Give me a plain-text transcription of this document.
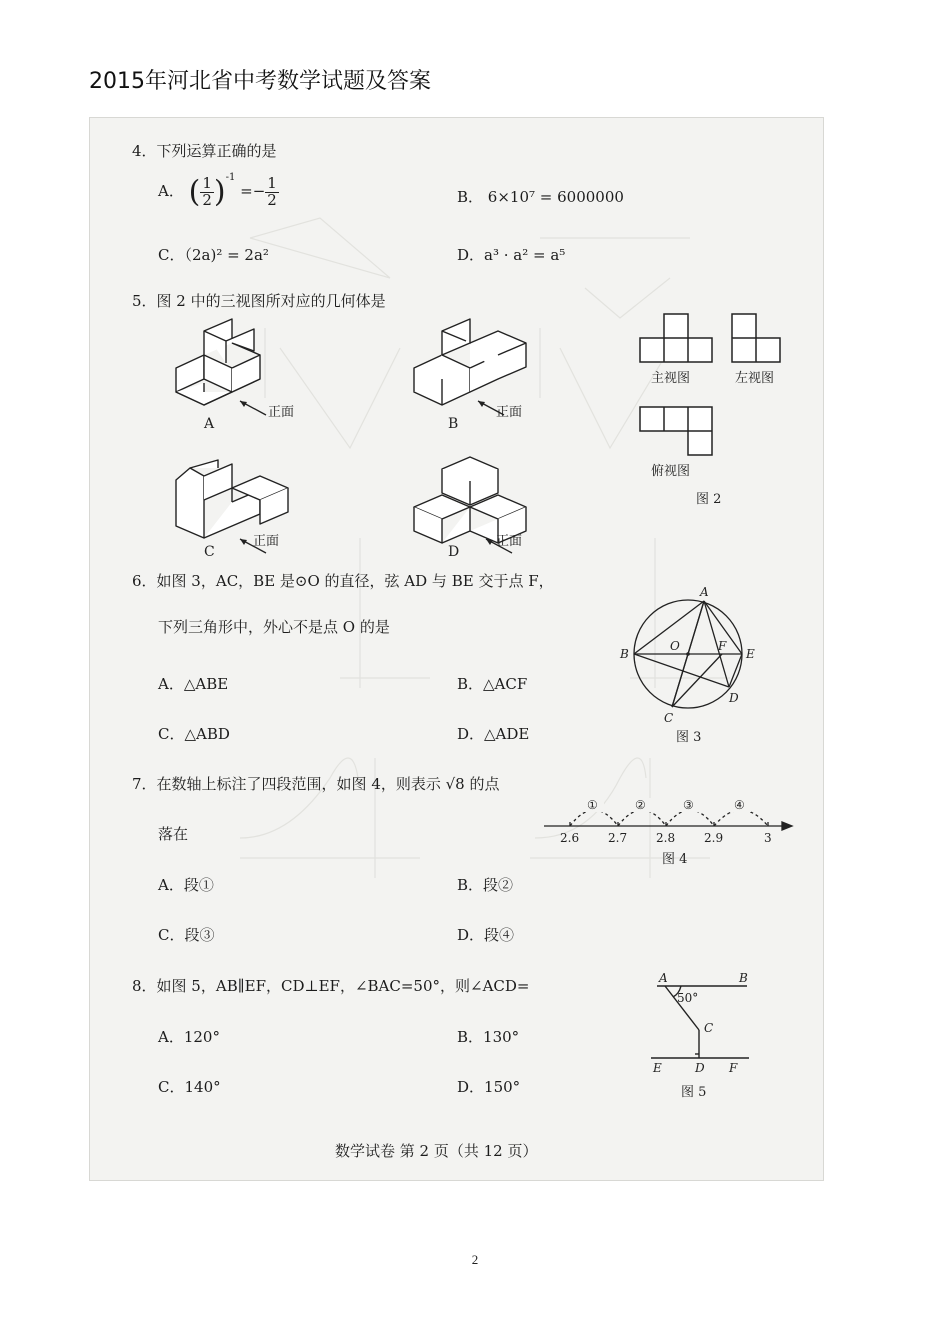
2015年河北省中考数学试题及答案
4．下列运算正确的是
A． ( $\frac{1}{2} )^{-1} =- \frac{1}{2}$	B． 6×10⁷ = 6000000
C．（2a)² = 2a²	D．a³ · a² = a⁵
5．图 2 中的三视图所对应的几何体是
正面
A
正面
B
正面
C
正面
D
主视图	左视图
俯视图
图 2
6．如图 3，AC，BE 是⊙O 的直径，弦 AD 与 BE 交于点 F，
下列三角形中，外心不是点 O 的是
A．△ABE	B．△ACF
C．△ABD	D．△ADE
A
B
O	F
E
D
C
图 3
7．在数轴上标注了四段范围，如图 4，则表示 √8 的点
落在
A．段①	B．段②
C．段③	D．段④
①	②	③	④
2.6 2.7 2.8 2.9	3
图 4
8．如图 5，AB∥EF，CD⊥EF，∠BAC=50°，则∠ACD=
A．120°	B．130°
C．140°	D．150°
A	B
50°
C
E	D F
图 5
数学试卷 第 2 页（共 12 页）
2
